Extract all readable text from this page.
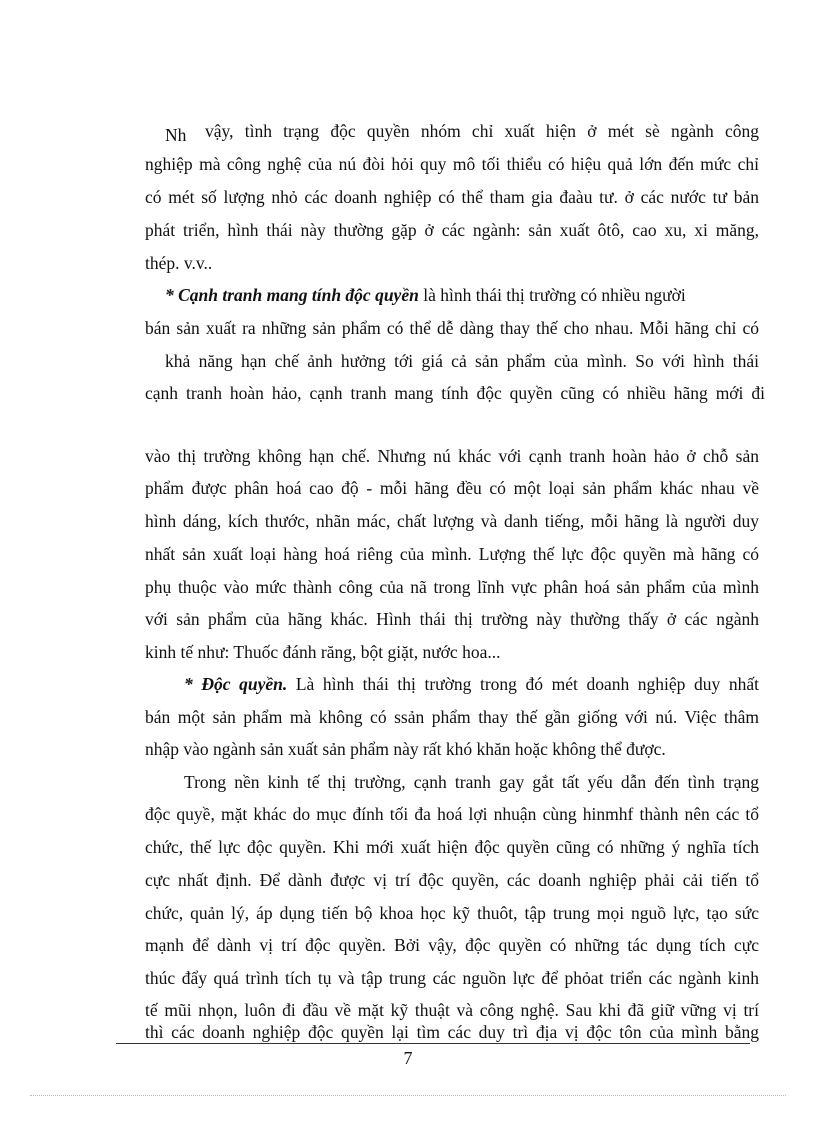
Nh vậy, tình trạng độc quyền nhóm chỉ xuất hiện ở mét sè ngành công
nghiệp mà công nghệ của nú đòi hỏi quy mô tối thiểu có hiệu quả lớn đến mức chỉ
có mét số lượng nhỏ các doanh nghiệp có thể tham gia đaàu tư. ở các nước tư bản
phát triển, hình thái này thường gặp ở các ngành: sản xuất ôtô, cao xu, xi măng,
thép. v.v..
* Cạnh tranh mang tính độc quyền là hình thái thị trường có nhiều người
bán sản xuất ra những sản phẩm có thể dễ dàng thay thế cho nhau. Mỗi hãng chỉ có
khả năng hạn chế ảnh hưởng tới giá cả sản phẩm của mình. So với hình thái
cạnh tranh hoàn hảo, cạnh tranh mang tính độc quyền cũng có nhiều hãng mới đi
vào thị trường không hạn chế. Nhưng nú khác với cạnh tranh hoàn hảo ở chỗ sản
phẩm được phân hoá cao độ - mỗi hãng đều có một loại sản phẩm khác nhau về
hình dáng, kích thước, nhãn mác, chất lượng và danh tiếng, mỗi hãng là người duy
nhất sản xuất loại hàng hoá riêng của mình. Lượng thế lực độc quyền mà hãng có
phụ thuộc vào mức thành công của nã trong lĩnh vực phân hoá sản phẩm của mình
với sản phẩm của hãng khác. Hình thái thị trường này thường thấy ở các ngành
kinh tế như: Thuốc đánh răng, bột giặt, nước hoa...
* Độc quyền. Là hình thái thị trường trong đó mét doanh nghiệp duy nhất
bán một sản phẩm mà không có ssản phẩm thay thế gần giống với nú. Việc thâm
nhập vào ngành sản xuất sản phẩm này rất khó khăn hoặc không thể được.
Trong nền kinh tế thị trường, cạnh tranh gay gắt tất yếu dẫn đến tình trạng
độc quyề, mặt khác do mục đính tối đa hoá lợi nhuận cùng hinmhf thành nên các tổ
chức, thế lực độc quyền. Khi mới xuất hiện độc quyền cũng có những ý nghĩa tích
cực nhất định. Để dành được vị trí độc quyền, các doanh nghiệp phải cải tiến tổ
chức, quản lý, áp dụng tiến bộ khoa học kỹ thuôt, tập trung mọi nguồ lực, tạo sức
mạnh để dành vị trí độc quyền. Bởi vậy, độc quyền có những tác dụng tích cực
thúc đẩy quá trình tích tụ và tập trung các nguồn lực để phỏat triển các ngành kinh
tế mũi nhọn, luôn đi đầu về mặt kỹ thuật và công nghệ. Sau khi đã giữ vững vị trí
thì các doanh nghiệp độc quyền lại tìm các duy trì địa vị độc tôn của mình bằng
7
